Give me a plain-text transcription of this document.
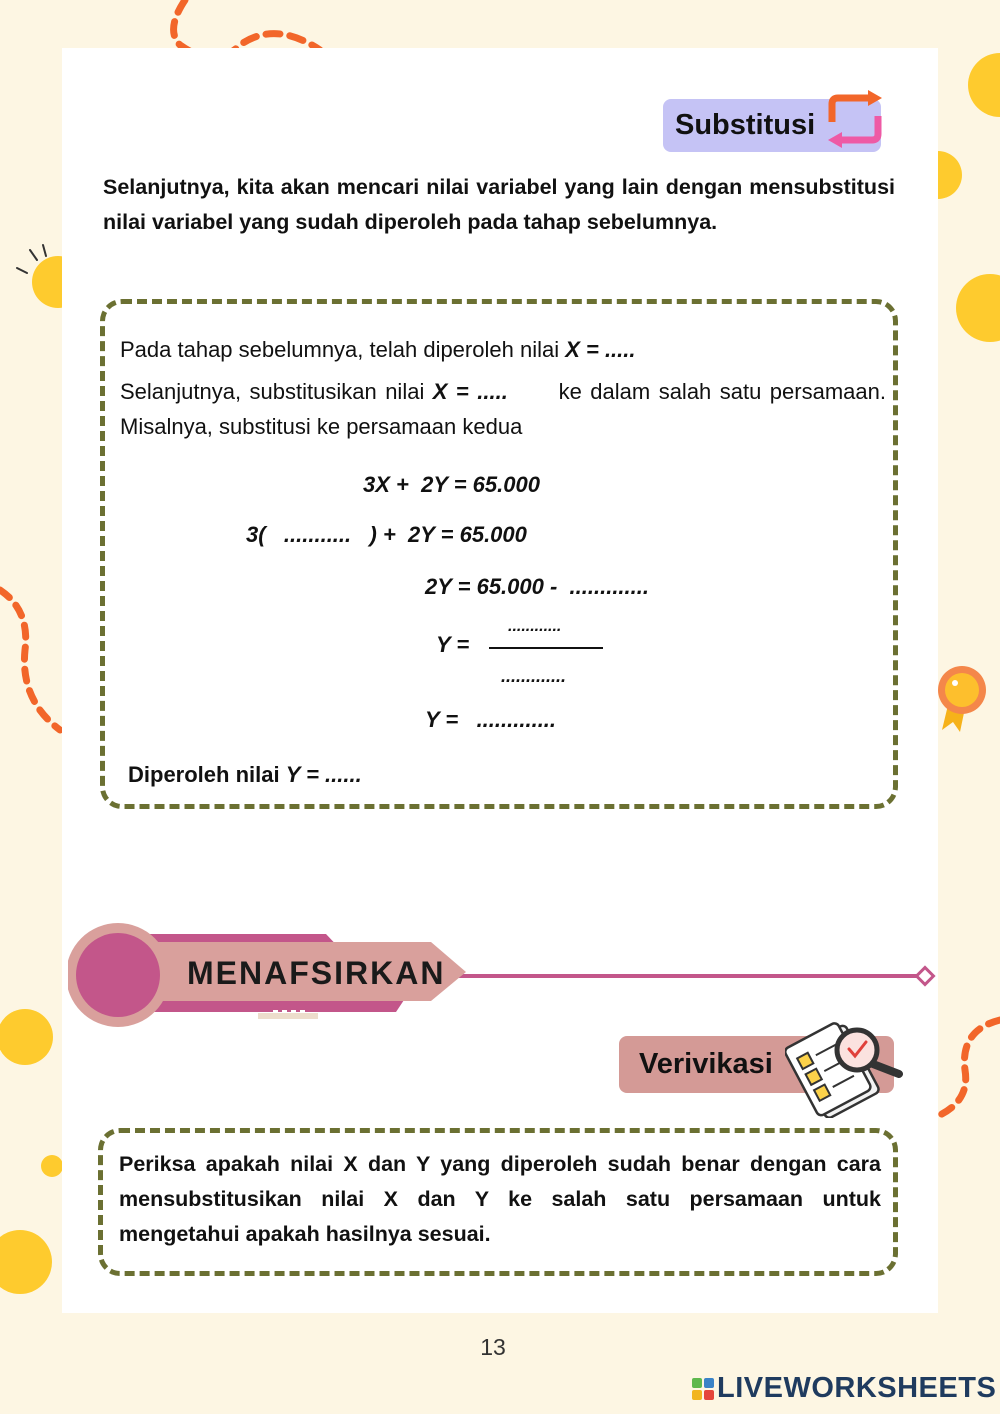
Substitusi
Selanjutnya, kita akan mencari nilai variabel yang lain dengan mensubstitusi nilai variabel yang sudah diperoleh pada tahap sebelumnya.
Pada tahap sebelumnya, telah diperoleh nilai X = .....
Selanjutnya, substitusikan nilai X = ..... ke dalam salah satu persamaan. Misalnya, substitusi ke persamaan kedua
3X +  2Y = 65.000
3( ........... ) +  2Y = 65.000
2Y = 65.000 -  .............
Y =
............
.............
Y =   .............
Diperoleh nilai Y = ......
MENAFSIRKAN
Verivikasi
Periksa apakah nilai X dan Y yang diperoleh sudah benar dengan cara mensubstitusikan nilai X dan Y ke salah satu persamaan untuk mengetahui apakah hasilnya sesuai.
13
LIVEWORKSHEETS
